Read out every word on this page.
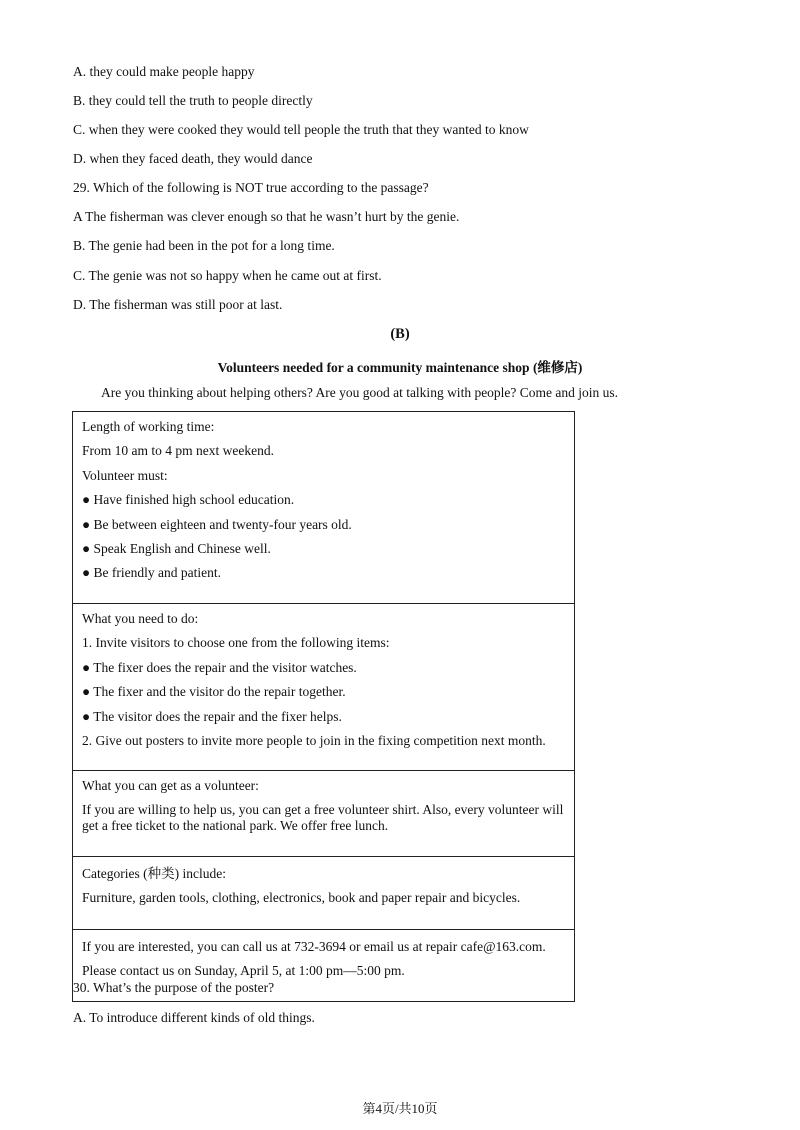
A. they could make people happy
B. they could tell the truth to people directly
C. when they were cooked they would tell people the truth that they wanted to know
D. when they faced death, they would dance
29. Which of the following is NOT true according to the passage?
A The fisherman was clever enough so that he wasn’t hurt by the genie.
B. The genie had been in the pot for a long time.
C. The genie was not so happy when he came out at first.
D. The fisherman was still poor at last.
(B)
Volunteers needed for a community maintenance shop (维修店)
Are you thinking about helping others? Are you good at talking with people? Come and join us.

Length of working time:

From 10 am to 4 pm next weekend.

Volunteer must:

● Have finished high school education.

● Be between eighteen and twenty-four years old.

● Speak English and Chinese well.

● Be friendly and patient.

What you need to do:

1. Invite visitors to choose one from the following items:

● The fixer does the repair and the visitor watches.

● The fixer and the visitor do the repair together.

● The visitor does the repair and the fixer helps.

2. Give out posters to invite more people to join in the fixing competition next month.

What you can get as a volunteer:

If you are willing to help us, you can get a free volunteer shirt. Also, every volunteer will get a free ticket to the national park. We offer free lunch.

Categories (种类) include:

Furniture, garden tools, clothing, electronics, book and paper repair and bicycles.

If you are interested, you can call us at 732-3694 or email us at repair cafe@163.com.

Please contact us on Sunday, April 5, at 1:00 pm—5:00 pm.

30. What’s the purpose of the poster?
A. To introduce different kinds of old things.
第4页/共10页
